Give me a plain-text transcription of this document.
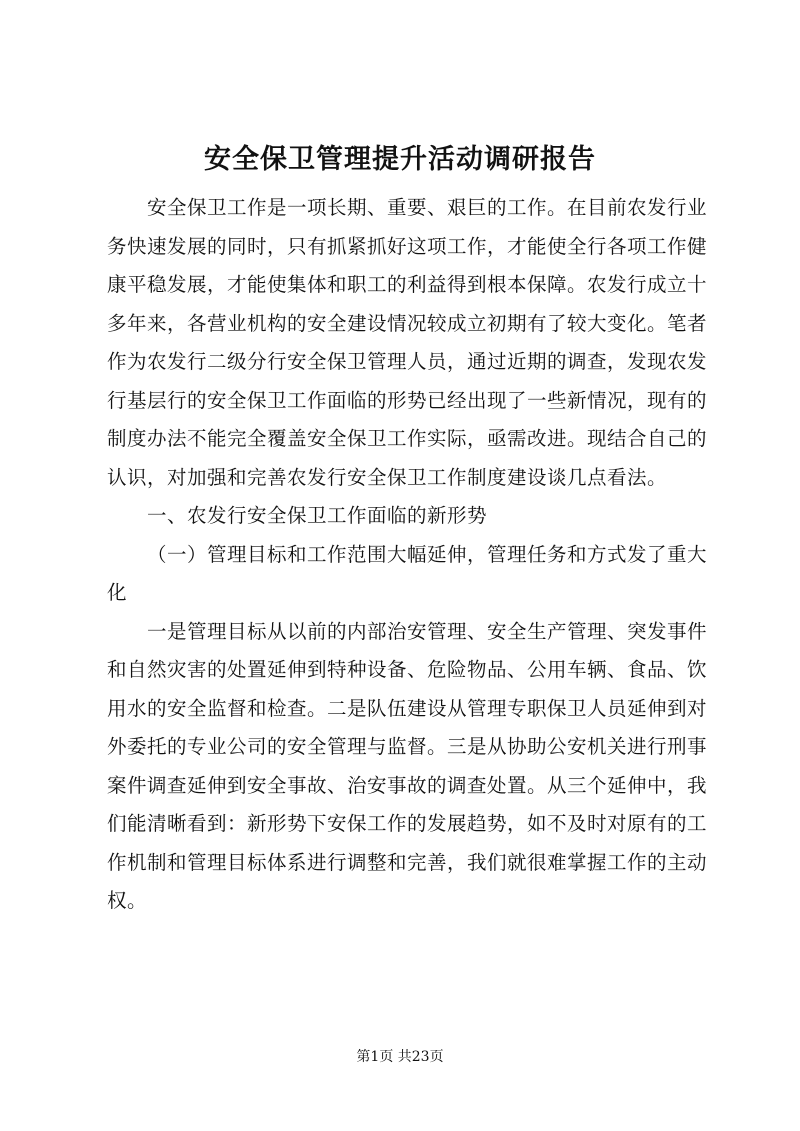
安全保卫管理提升活动调研报告

安全保卫工作是一项长期、重要、艰巨的工作。在目前农发行业务快速发展的同时，只有抓紧抓好这项工作，才能使全行各项工作健康平稳发展，才能使集体和职工的利益得到根本保障。农发行成立十多年来，各营业机构的安全建设情况较成立初期有了较大变化。笔者作为农发行二级分行安全保卫管理人员，通过近期的调查，发现农发行基层行的安全保卫工作面临的形势已经出现了一些新情况，现有的制度办法不能完全覆盖安全保卫工作实际，亟需改进。现结合自己的认识，对加强和完善农发行安全保卫工作制度建设谈几点看法。

一、农发行安全保卫工作面临的新形势

（一）管理目标和工作范围大幅延伸，管理任务和方式发了重大化

一是管理目标从以前的内部治安管理、安全生产管理、突发事件和自然灾害的处置延伸到特种设备、危险物品、公用车辆、食品、饮用水的安全监督和检查。二是队伍建设从管理专职保卫人员延伸到对外委托的专业公司的安全管理与监督。三是从协助公安机关进行刑事案件调查延伸到安全事故、治安事故的调查处置。从三个延伸中，我们能清晰看到：新形势下安保工作的发展趋势，如不及时对原有的工作机制和管理目标体系进行调整和完善，我们就很难掌握工作的主动权。

第1页 共23页
